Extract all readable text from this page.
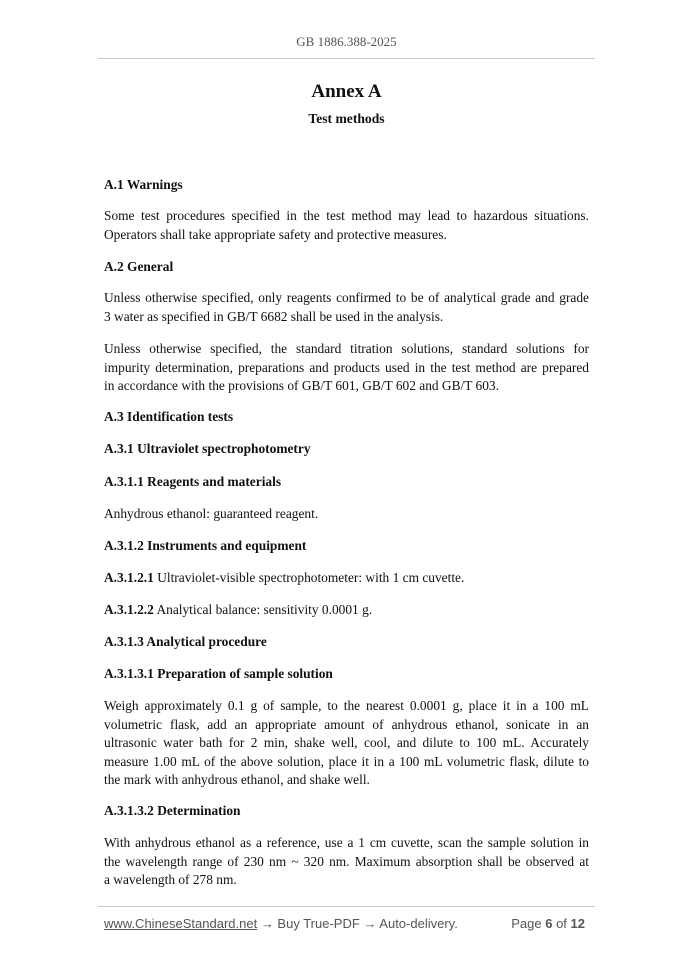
GB 1886.388-2025
Annex A
Test methods
A.1 Warnings
Some test procedures specified in the test method may lead to hazardous situations.
Operators shall take appropriate safety and protective measures.
A.2 General
Unless otherwise specified, only reagents confirmed to be of analytical grade and grade
3 water as specified in GB/T 6682 shall be used in the analysis.
Unless otherwise specified, the standard titration solutions, standard solutions for
impurity determination, preparations and products used in the test method are prepared
in accordance with the provisions of GB/T 601, GB/T 602 and GB/T 603.
A.3 Identification tests
A.3.1 Ultraviolet spectrophotometry
A.3.1.1 Reagents and materials
Anhydrous ethanol: guaranteed reagent.
A.3.1.2 Instruments and equipment
A.3.1.2.1 Ultraviolet-visible spectrophotometer: with 1 cm cuvette.
A.3.1.2.2 Analytical balance: sensitivity 0.0001 g.
A.3.1.3 Analytical procedure
A.3.1.3.1 Preparation of sample solution
Weigh approximately 0.1 g of sample, to the nearest 0.0001 g, place it in a 100 mL
volumetric flask, add an appropriate amount of anhydrous ethanol, sonicate in an
ultrasonic water bath for 2 min, shake well, cool, and dilute to 100 mL. Accurately
measure 1.00 mL of the above solution, place it in a 100 mL volumetric flask, dilute to
the mark with anhydrous ethanol, and shake well.
A.3.1.3.2 Determination
With anhydrous ethanol as a reference, use a 1 cm cuvette, scan the sample solution in
the wavelength range of 230 nm ~ 320 nm. Maximum absorption shall be observed at
a wavelength of 278 nm.
www.ChineseStandard.net → Buy True-PDF → Auto-delivery.	Page 6 of 12
